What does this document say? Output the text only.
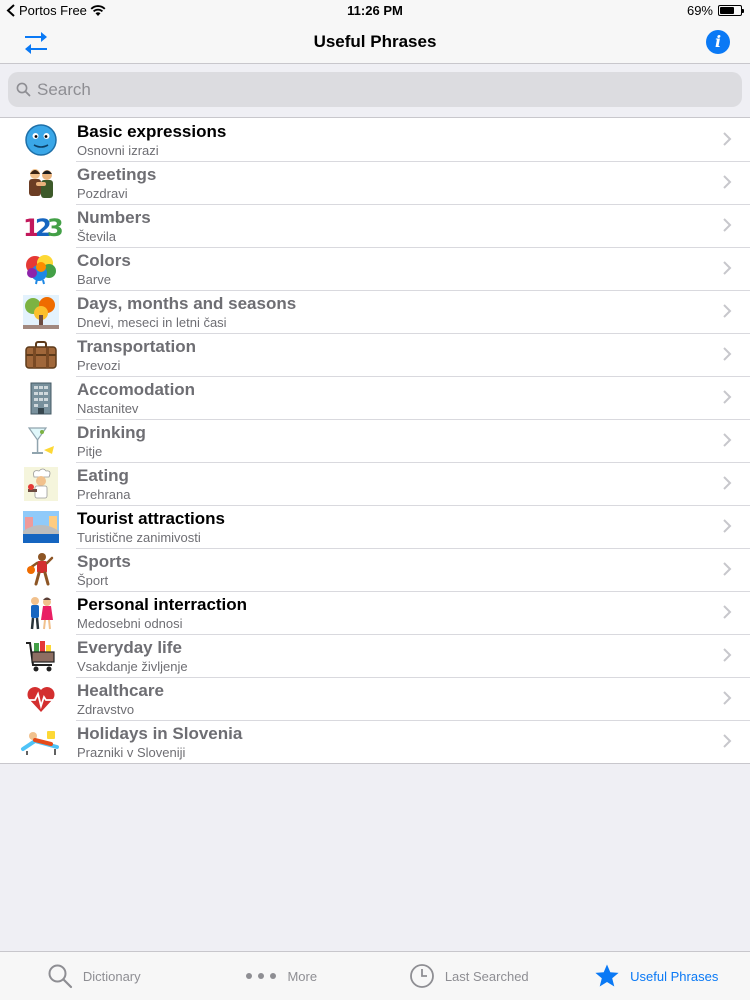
Portos Free	11:26 PM	69%
Useful Phrases	i
Search
Basic expressions
Osnovni izrazi
Greetings
Pozdravi
1
2
3 Numbers
Števila
Colors
Barve
Days, months and seasons
Dnevi, meseci in letni časi
Transportation
Prevozi
Accomodation
Nastanitev
Drinking
Pitje
Eating
Prehrana
Tourist attractions
Turistične zanimivosti
Sports
Šport
Personal interraction
Medosebni odnosi
Everyday life
Vsakdanje življenje
Healthcare
Zdravstvo
Holidays in Slovenia
Prazniki v Sloveniji
Dictionary	More	Last Searched	Useful Phrases
